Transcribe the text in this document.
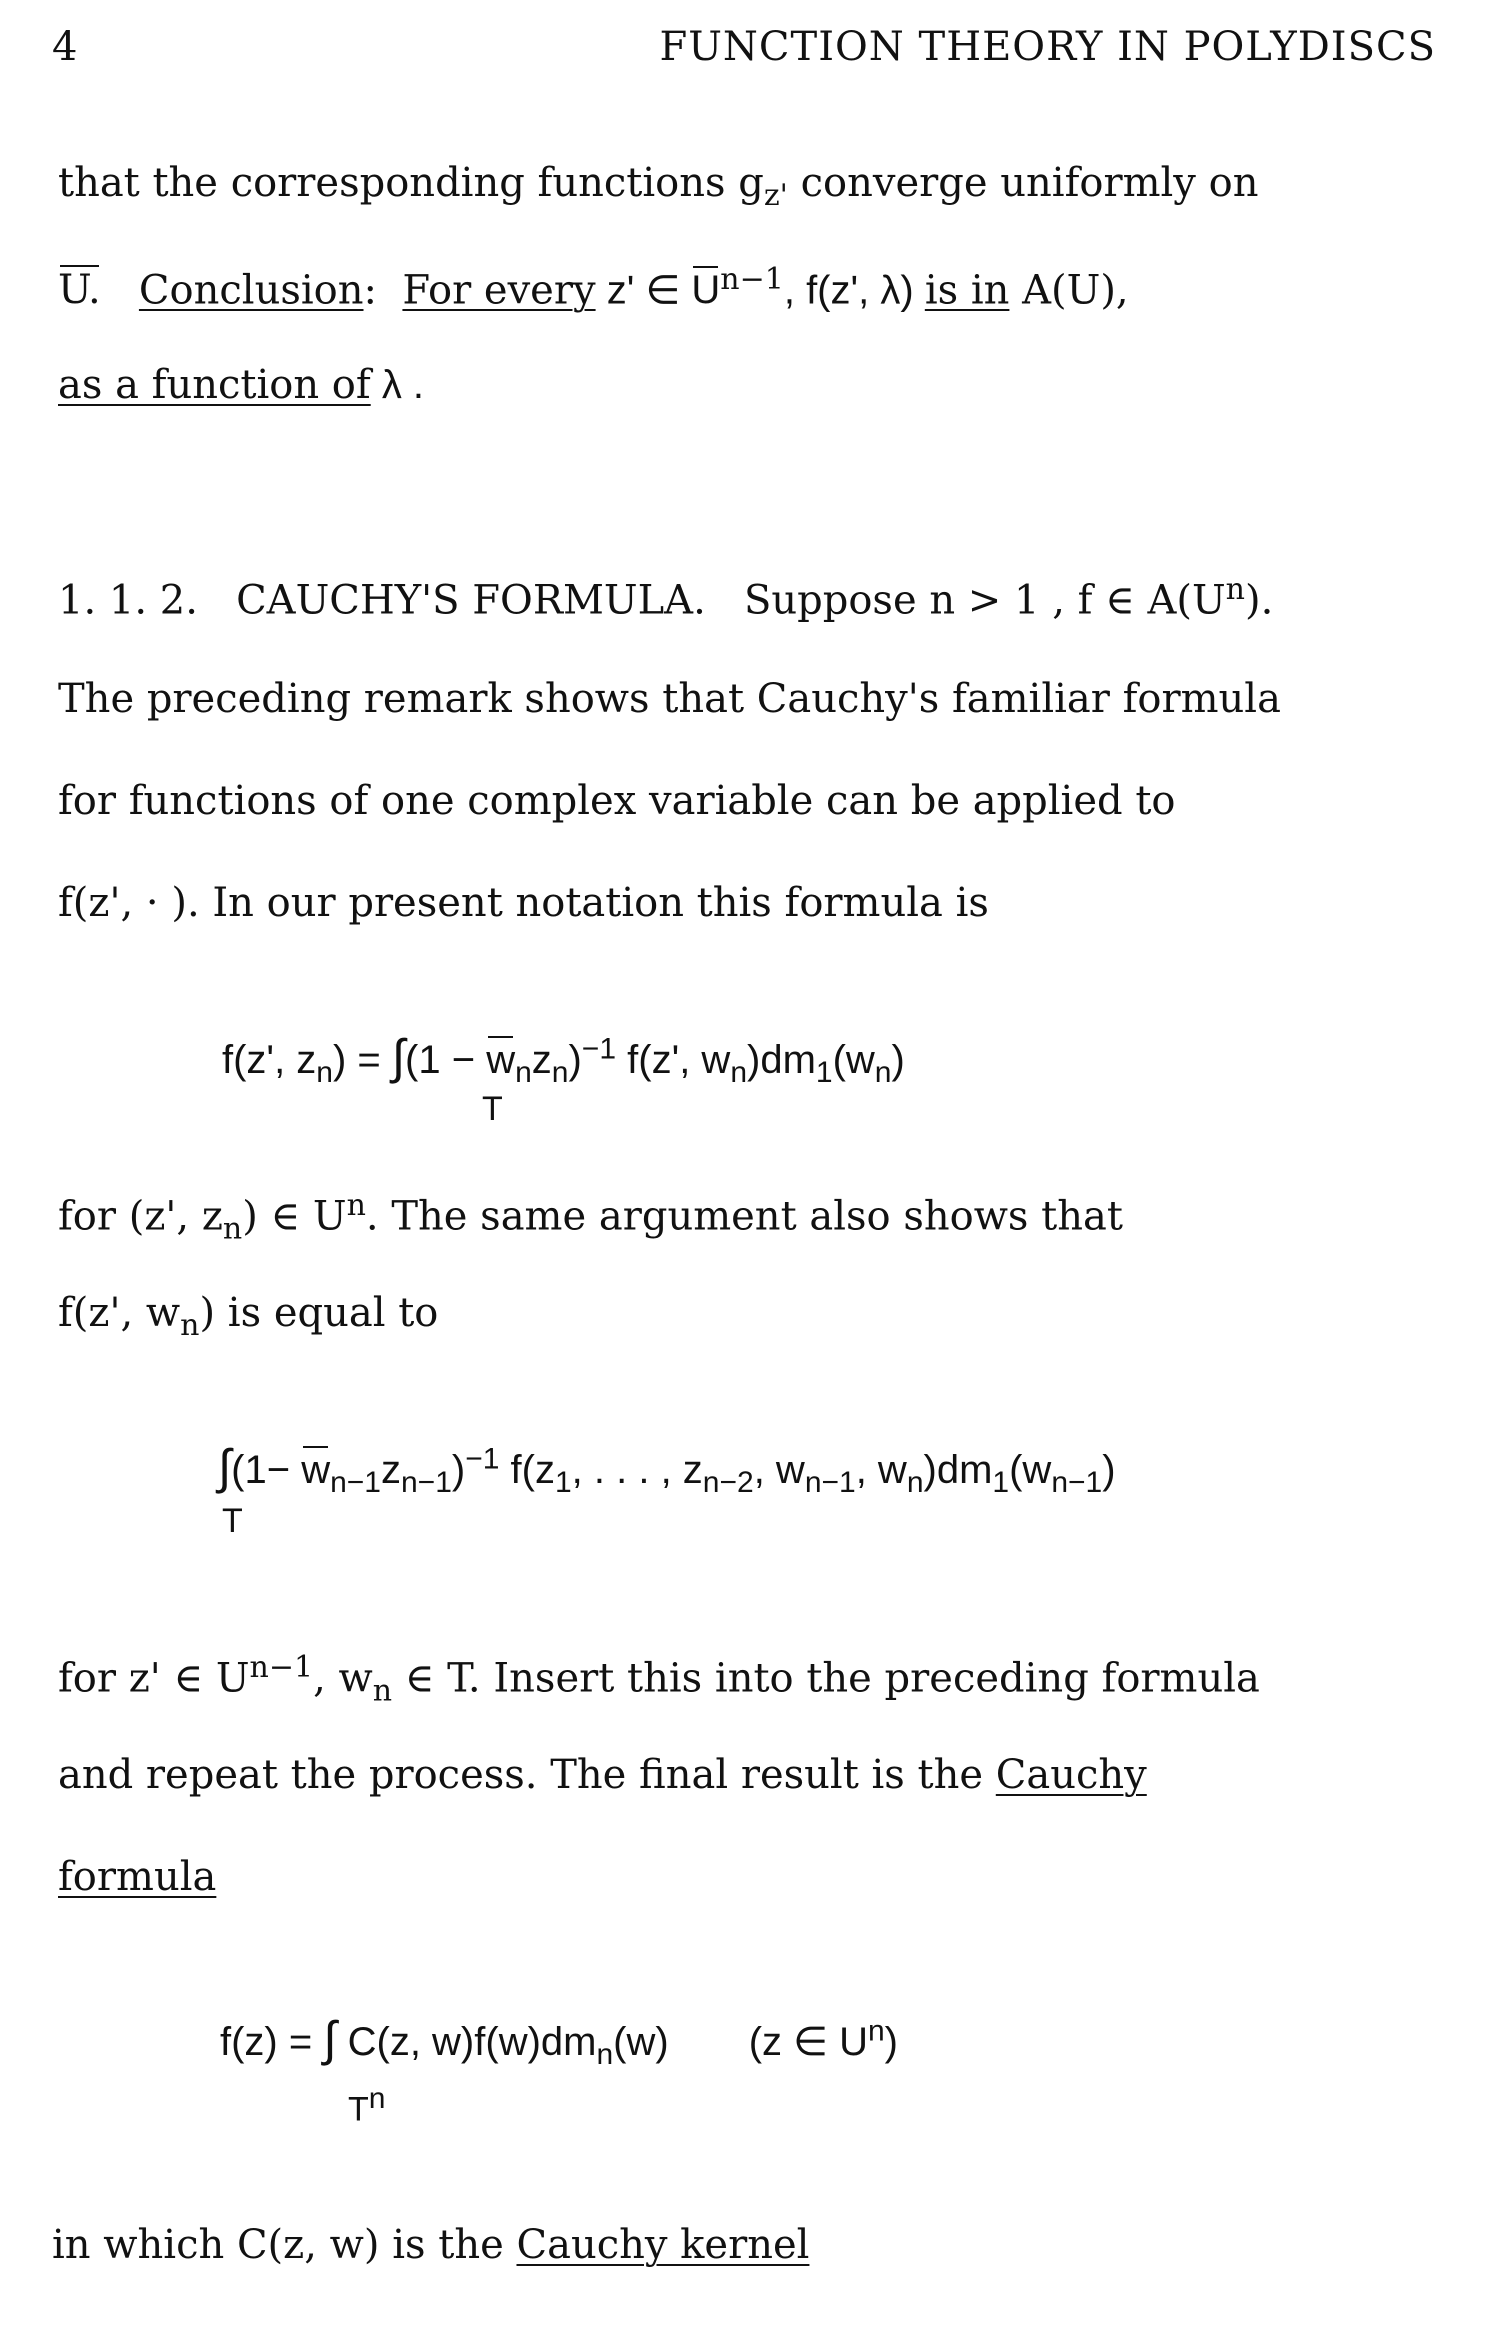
4	FUNCTION THEORY IN POLYDISCS
that the corresponding functions $g_{z'}$ converge uniformly on
U. Conclusion:  For every z' ∈ $U^{n-1}$, f(z', λ) is in A(U),
as a function of λ .
1. 1. 2. CAUCHY'S FORMULA. Suppose n > 1 , f ∈ $A(U^n)$.
The preceding remark shows that Cauchy's familiar formula
for functions of one complex variable can be applied to
f(z', · ). In our present notation this formula is
f(z', $z_n) = \int(1 - w_nz_n)^{-1}$ f(z', $w_n)dm_1(w_n)$
T
for (z', $z_n$) ∈ $U^n$. The same argument also shows that
f(z', $w_n$) is equal to
$\int(1- w_{n-1}z_{n-1})^{-1}$ $f(z_1$, . . . , $z_{n-2}$, $w_{n-1}$, $w_n)dm_1(w_{n-1})$
T
for z' ∈ $U^{n-1}$, $w_n$ ∈ T. Insert this into the preceding formula
and repeat the process. The final result is the Cauchy
formula
f(z) = ∫ C(z, $w)f(w)dm_n(w)$ (z ∈ $U^n$)
$T^n$
in which C(z, w) is the Cauchy kernel
